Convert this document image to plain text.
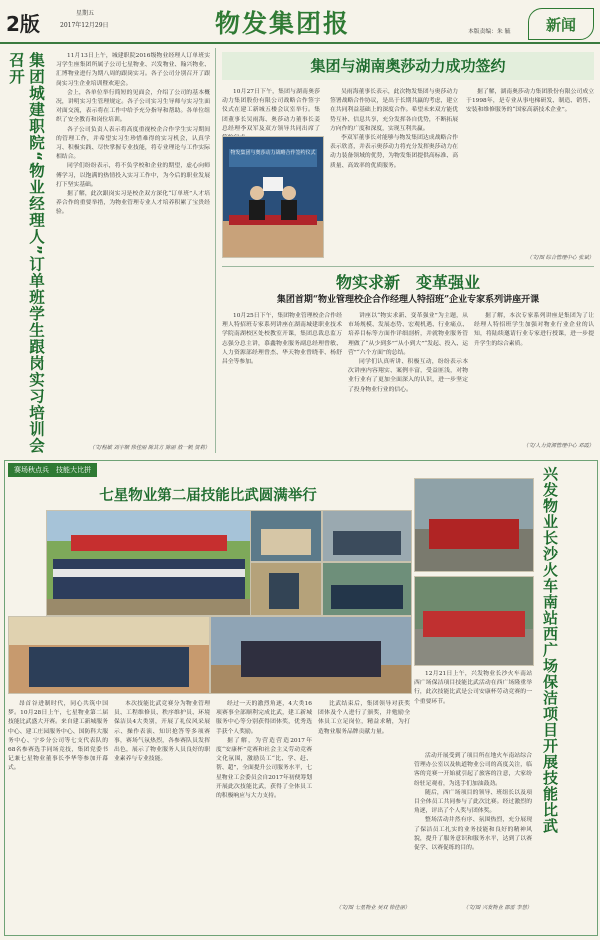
2版	星期五
2017年12月29日	物发集团报	本版责编：朱 毓 新闻
集团城建职院“物业经理人”订单班学生跟岗实习培训会召开	11月13日上午，城建职院2016级物业经理人订单班实习学生座集团所属子公司七星物业、兴发物业、翰兴物业、汇博物业进行为期八周的跟岗实习。各子公司分别召开了跟岗实习生企业培训暨欢迎会。

会上，各单位举行简短的见面会，介绍了公司的基本概况，讲明实习生管理规定。各子公司实习生导师与实习生面对面交流，表示将在工作中给予充分指导和帮助。各单位组织了安全教育和岗位培训。

各子公司负责人表示将高度重视校企合作学生实习期间的管理工作，并希望实习生珍惜难得的实习机会，认真学习、积极实践、尽快掌握专业技能，将专业理论与工作实际相结合。

同学们纷纷表示，将不负学校和企业的期望，虚心向师傅学习，以饱满的热情投入实习工作中，为今后的职业发展打下坚实基础。

据了解，此次跟岗实习是校企双方深化“订单班”人才培养合作的重要举措，为物业管理专业人才培养积累了宝贵经验。

（文/程敏 刘宇顺 徐佳丽 陈其方 陈丽 敖一帆 贺莉）
集团与湖南奥莎动力成功签约

10月27日下午，集团与湖南奥莎动力集团股份有限公司战略合作签字仪式在建工新城五楼会议室举行。集团董事长吴雨海、奥莎动力董事长姜总经理李双军及双方领导共同出席了

物发集团与奥莎动力战略合作签约仪式

吴雨海董事长表示，此次物发集团与奥莎动力签署战略合作协议，是出于长期共赢的考虑，建立在共同利益基础上的深度合作。希望未来双方能优势互补、信息共享，充分发挥各自优势，不断拓展方向作的广度和深度，实现互利共赢。

李双军董事长对能够与物发集团达成战略合作表示欣喜，并表示奥莎动力将充分发挥奥莎动力在动力装备领域的优势，为物发集团提供高标准、高质量、高效率的优质服务。

据了解，湖南奥莎动力集团股份有限公司成立于1998年，是专业从事电梯研发、制造、销售、安装和维修服务的“国家高新技术企业”。

（文/图 综合管理中心 张斌）
物实求新　变革强业
集团首期“物业管理校企合作经理人特招班”企业专家系列讲座开课

10月25日下午，集团物业管理校企合作经理人特招班专家系列讲座在湖南城建职业技术学院南湖校区处校教室开课，集团总裁总监万志强分总主讲，慕鑫物业服务副总经理曾敏、人力资源部经理曾杰、华天物业曾晓菲、杨舒昌全等参加。

讲座以“物实求新、变革强业”为主题，从市场规模、发展态势、宏观机遇、行业痛点、培养目标等方面作详细剖析，并就物业服务管理做了“从少到多”“从小到大”“发起、投入、运营”“六个方面”的总结。

同学们认真听讲、积极互动，纷纷表示本次讲座内容翔实、案例丰富，受益匪浅，对物业行业有了更加全面深入的认识，进一步坚定了投身物业行业的信心。

据了解，本次专家系列讲座是集团为了让经理人特招班学生加强对物业行业企业的认知，将陆续邀请行业专家进行授课，进一步提升学生的综合素质。

（文/人力资源管理中心 邓霞）
赛场秋点兵　技能大比拼
七星物业第二届技能比武圆满举行

昂首谷进制时代，同心共筑中国梦。10月28日上午，七星物业第二届技能比武盛大开赛。来自建工新城服务中心、建工庄园服务中心、国防科大服务中心、宁乡分公司等七支代表队的68名参赛选手同场竞技，集团党委书记兼七星物业董事长李华等参加开幕式。

本次技能比武竞赛分为物业管理员、工程维修员、秩序维护员、环境保洁员4大类别，开展了礼仪风采展示、操作表演、知识抢答等多项赛事，赛场气氛热烈，各参赛队员发挥出色，展示了物业服务人员良好的职业素养与专业技能。

经过一天的激烈角逐，4大类16项赛事全部顺利完成比武，建工新城服务中心等分别获得团体奖，优秀选手获个人奖励。

据了解，为营造营造2017年度“安康杯”竞赛和社会主义劳动竞赛文化氛围，激励员工“比、学、赶、帮、超”，全面提升公司服务水平，七星物业工会委员会自2017年初便筹划开展此次技能比武，获得了全体员工的积极响应与大力支持。

比武结束后，集团领导对获奖团体及个人进行了颁奖，并勉励全体员工立足岗位，精益求精，为打造物业服务品牌贡献力量。

（文/图 七星物业 吴双 徐佳丽）
兴发物业长沙火车南站西广场保洁项目开展技能比武

12月21日上午，兴发物业长沙火车南站西广场保洁项目技能比武活动在西广场隆重举行，此次技能比武是公司安康杯劳动竞赛的一个重要环节。

活动开展受到了项目所在地火车南站综合管理办公室以及轨道物业公司的高度关注，临客的竞赛一开始就引起了旅客的注意，大家纷纷驻足观看，为选手们加油鼓劲。

随后，西广场项目的领导、班组长以及项目全体员工共同参与了此次比赛。经过激烈的角逐，评出了个人奖与团体奖。

整场活动井然有序、氛围热烈，充分展现了保洁员工扎实的业务技能和良好的精神风貌，提升了服务意识和服务水平，达到了以赛促学、以赛促练的目的。

（文/图 兴发物业 邵雷 李慧）
